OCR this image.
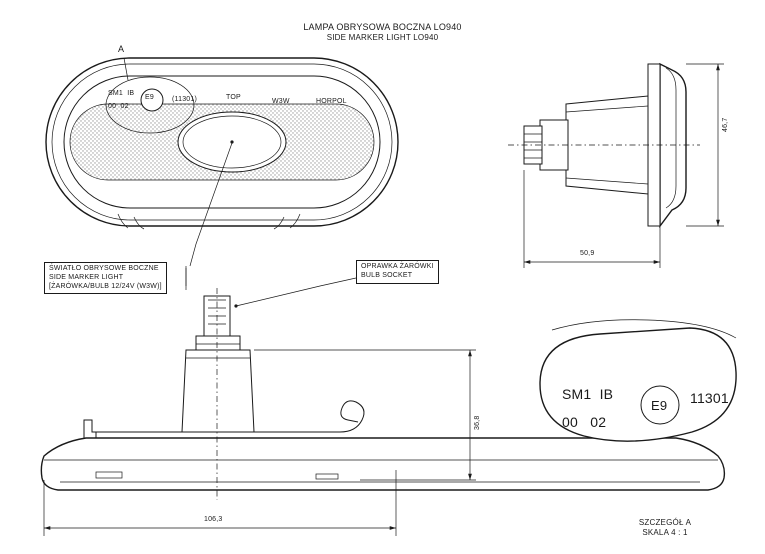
LAMPA OBRYSOWA BOCZNA LO940
SIDE MARKER LIGHT LO940
A
SM1  IB
00  02
E9	(11301)	TOP
W3W	HORPOL
ŚWIATŁO OBRYSOWE BOCZNE
SIDE MARKER LIGHT
[ŻARÓWKA/BULB 12/24V (W3W)]
OPRAWKA ŻARÓWKI
BULB SOCKET
46,7
50,9
36,8
106,3
SM1  IB
00   02
E9 11301
SZCZEGÓŁ A
SKALA 4 : 1
